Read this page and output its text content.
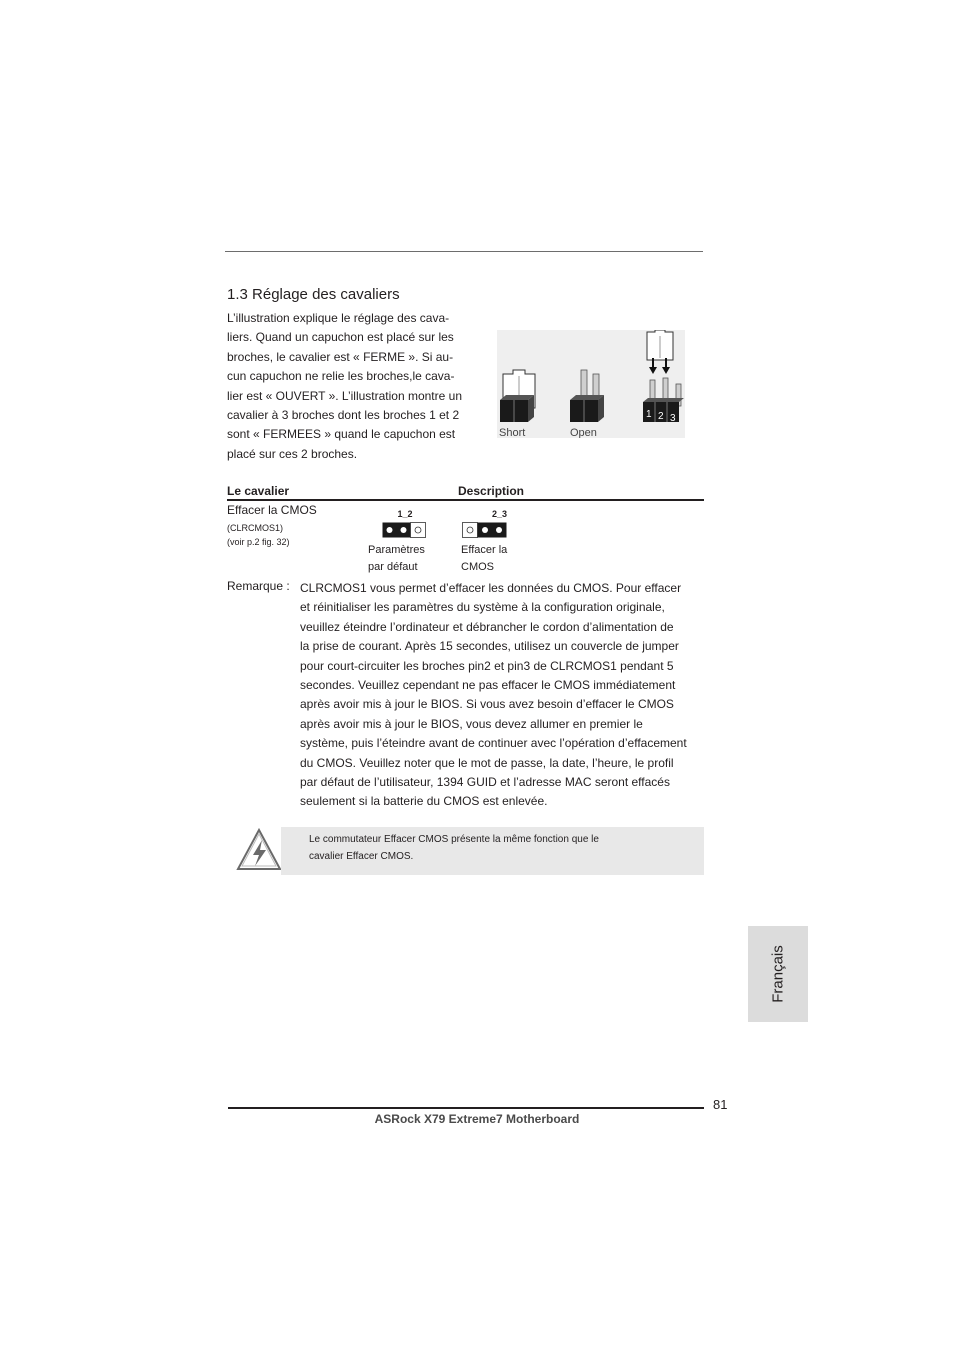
1.3 Réglage des cavaliers

L’illustration explique le réglage des cava-

liers. Quand un capuchon est placé sur les

broches, le cavalier est « FERME ». Si au-

cun capuchon ne relie les broches,le cava-

lier est « OUVERT ». L’illustration montre un

cavalier à 3 broches dont les broches 1 et 2

sont « FERMEES » quand le capuchon est

placé sur ces 2 broches.

Short	Open
1 2 3
Le cavalier	Description
Effacer la CMOS
(CLRCMOS1)
(voir p.2 fig. 32)
1_2
Paramètres
par défaut
2_3
Effacer la
CMOS
Remarque : CLRCMOS1 vous permet d’effacer les données du CMOS. Pour effacer
et réinitialiser les paramètres du système à la configuration originale,
veuillez éteindre l’ordinateur et débrancher le cordon d’alimentation de
la prise de courant. Après 15 secondes, utilisez un couvercle de jumper
pour court-circuiter les broches pin2 et pin3 de CLRCMOS1 pendant 5
secondes. Veuillez cependant ne pas effacer le CMOS immédiatement
après avoir mis à jour le BIOS. Si vous avez besoin d’effacer le CMOS
après avoir mis à jour le BIOS, vous devez allumer en premier le
système, puis l’éteindre avant de continuer avec l’opération d’effacement
du CMOS. Veuillez noter que le mot de passe, la date, l’heure, le profil
par défaut de l’utilisateur, 1394 GUID et l’adresse MAC seront effacés
seulement si la batterie du CMOS est enlevée.
Le commutateur Effacer CMOS présente la même fonction que le
cavalier Effacer CMOS.
Français
81
ASRock X79 Extreme7 Motherboard
